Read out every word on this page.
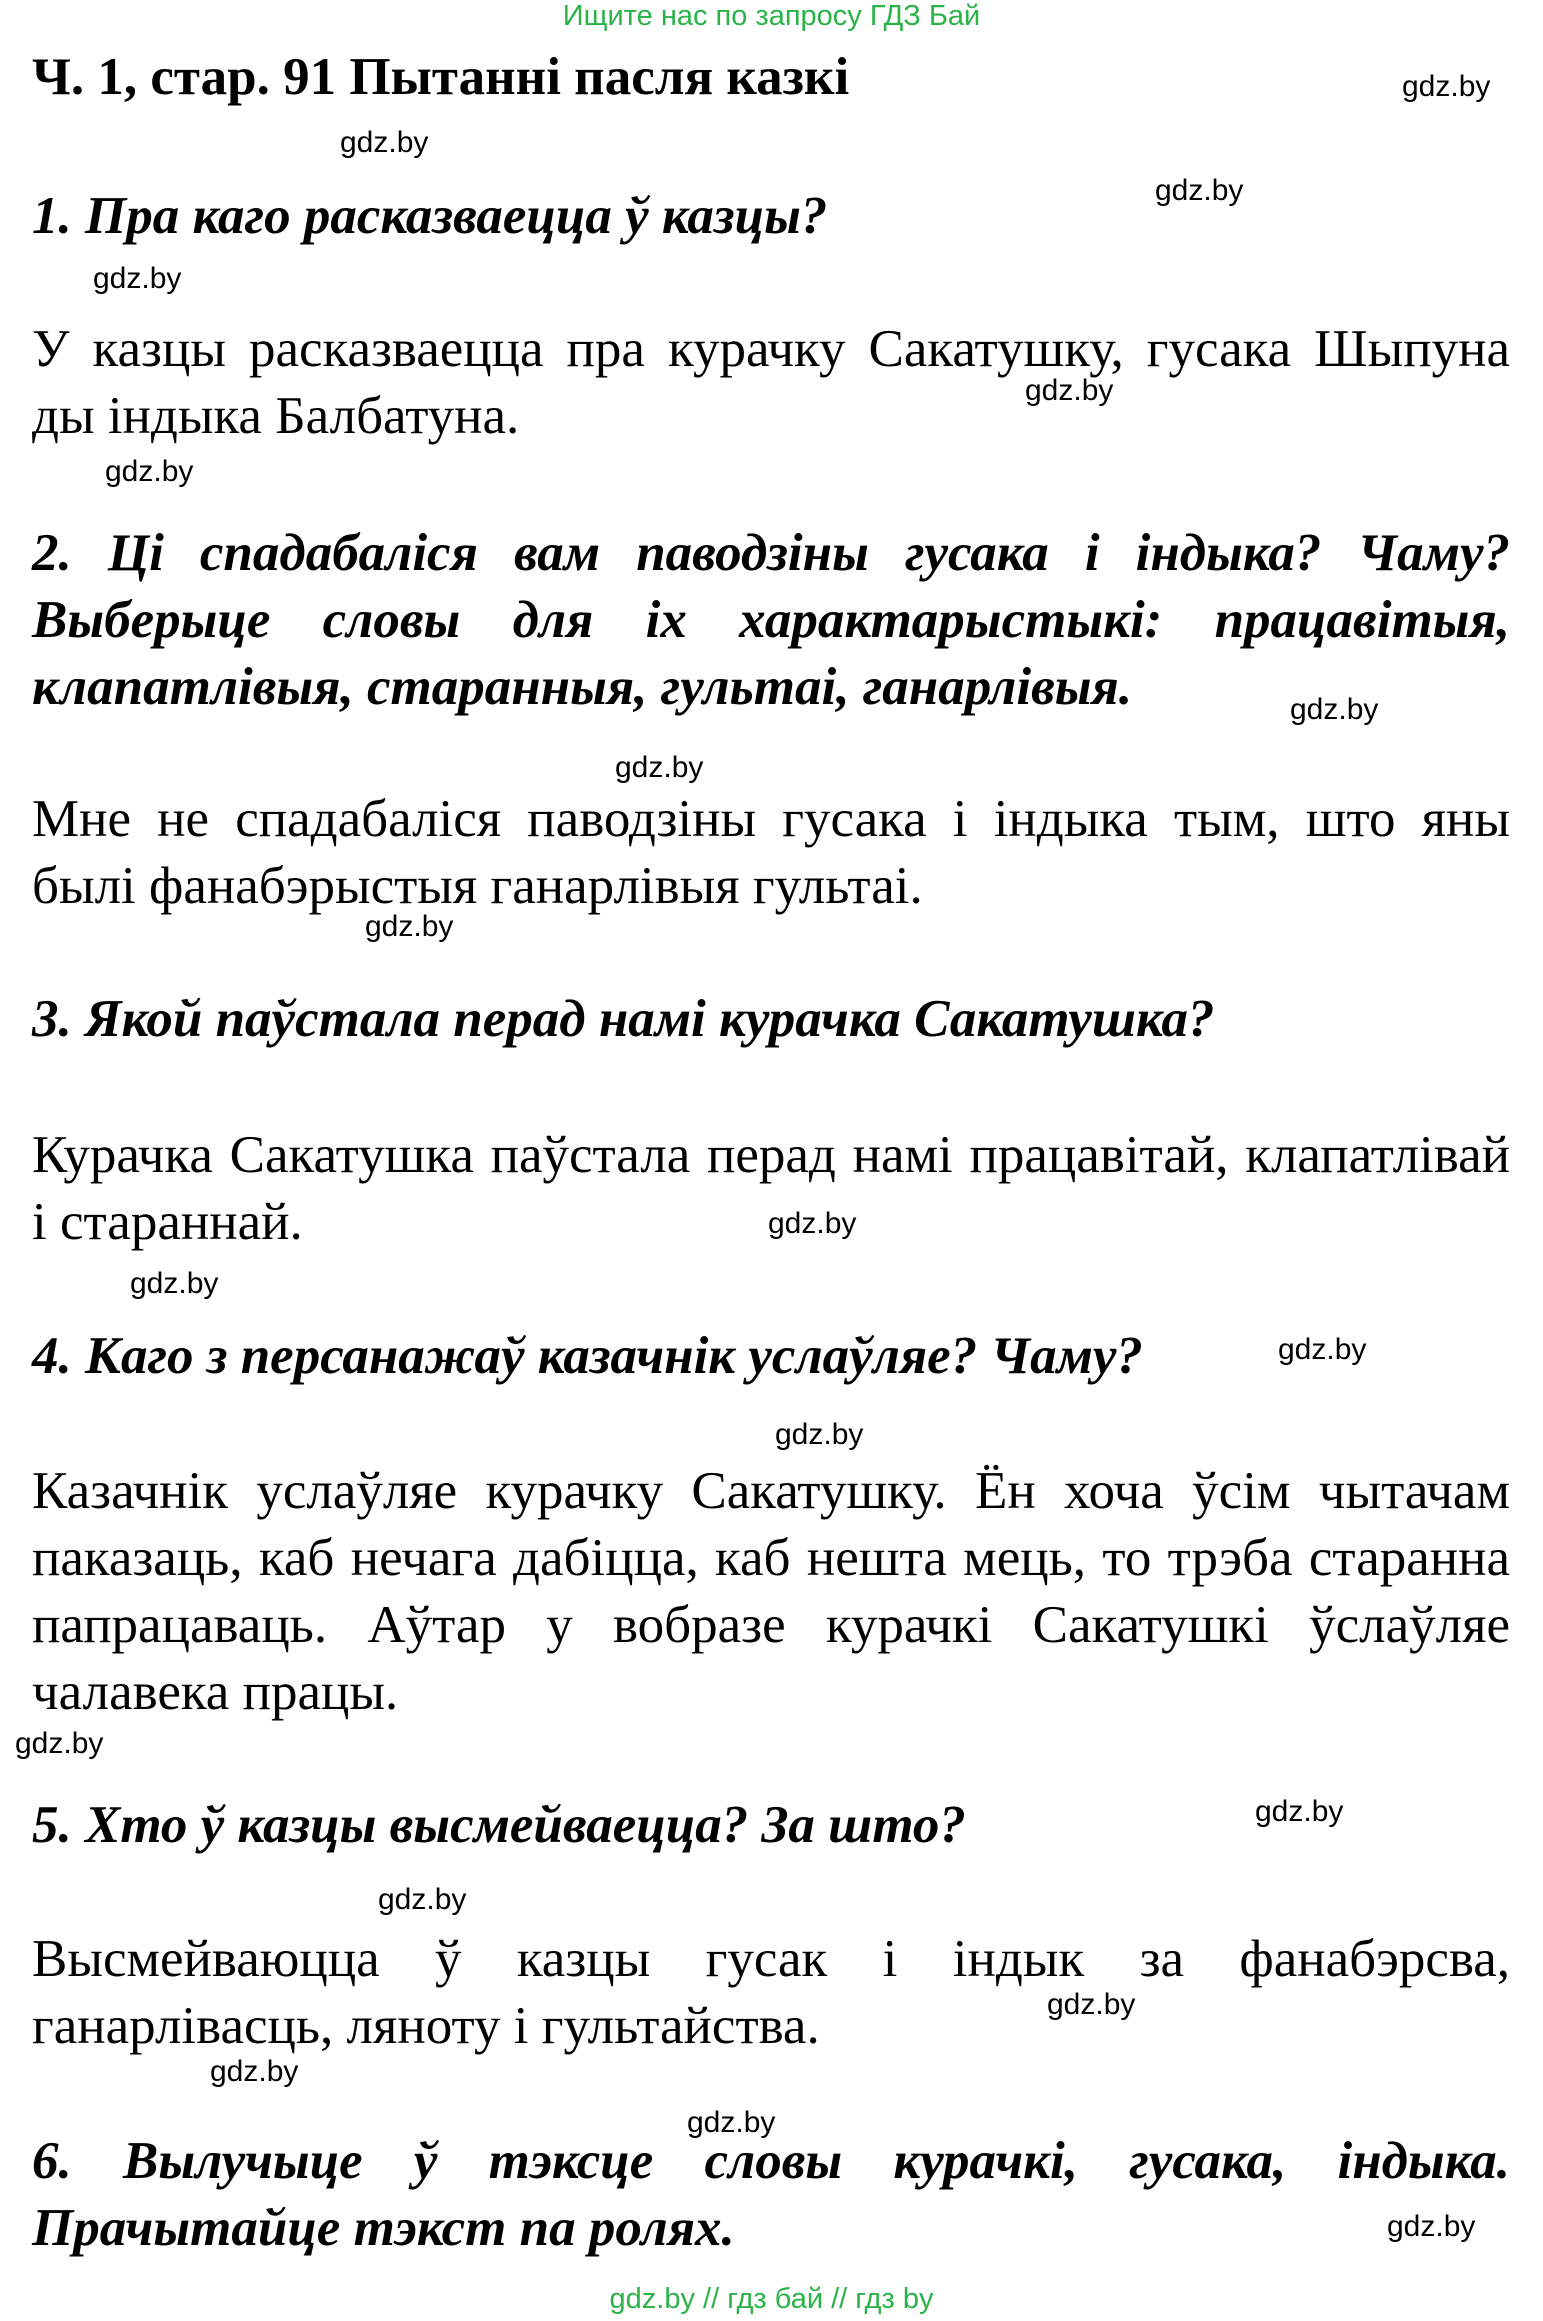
Ищите нас по запросу ГДЗ Бай
Ч. 1, стар. 91 Пытанні пасля казкі

1. Пра каго расказваецца ў казцы?

У казцы расказваецца пра курачку Сакатушку, гусака Шыпуна ды індыка Балбатуна.

2. Ці спадабаліся вам паводзіны гусака і індыка? Чаму? Выберыце словы для іх характарыстыкі: працавітыя, клапатлівыя, старанныя, гультаі, ганарлівыя.

Мне не спадабаліся паводзіны гусака і індыка тым, што яны былі фанабэрыстыя ганарлівыя гультаі.

3. Якой паўстала перад намі курачка Сакатушка?

Курачка Сакатушка паўстала перад намі працавітай, клапатлівай і стараннай.

4. Каго з персанажаў казачнік услаўляе? Чаму?

Казачнік услаўляе курачку Сакатушку. Ён хоча ўсім чытачам паказаць, каб нечага дабіцца, каб нешта мець, то трэба старанна папрацаваць. Аўтар у вобразе курачкі Сакатушкі ўслаўляе чалавека працы.

5. Хто ў казцы высмейваецца? За што?

Высмейваюцца ў казцы гусак і індык за фанабэрсва, ганарлівасць, ляноту і гультайства.

6. Вылучыце ў тэксце словы курачкі, гусака, індыка. Прачытайце тэкст па ролях.

gdz.by
gdz.by
gdz.by
gdz.by
gdz.by
gdz.by
gdz.by
gdz.by
gdz.by
gdz.by
gdz.by
gdz.by
gdz.by
gdz.by
gdz.by
gdz.by
gdz.by
gdz.by
gdz.by
gdz.by
gdz.by // гдз бай // гдз by
